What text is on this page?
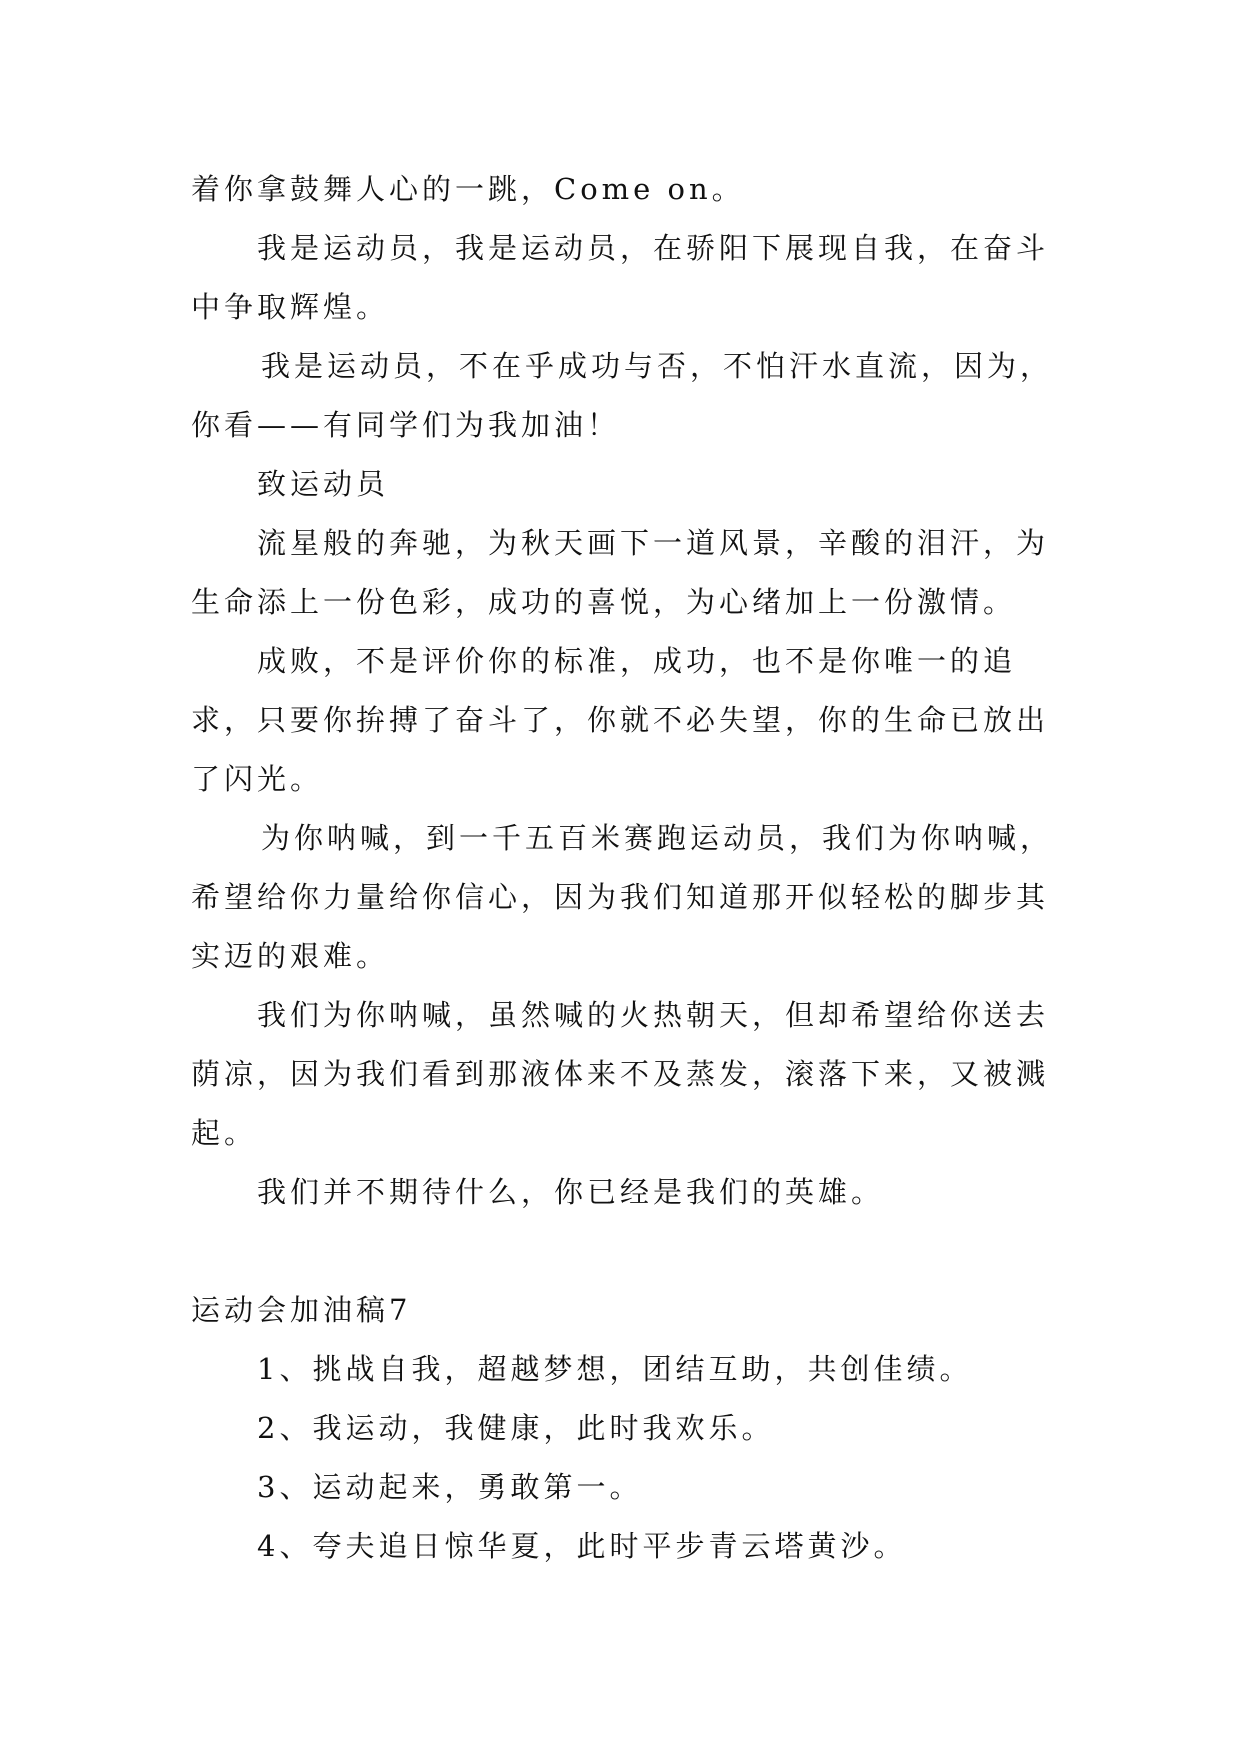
着你拿鼓舞人心的一跳，Come on。

我是运动员，我是运动员，在骄阳下展现自我，在奋斗中争取辉煌。

我是运动员，不在乎成功与否，不怕汗水直流，因为，你看——有同学们为我加油！

致运动员

流星般的奔驰，为秋天画下一道风景，辛酸的泪汗，为生命添上一份色彩，成功的喜悦，为心绪加上一份激情。

成败，不是评价你的标准，成功，也不是你唯一的追求，只要你拚搏了奋斗了，你就不必失望，你的生命已放出了闪光。

为你呐喊，到一千五百米赛跑运动员，我们为你呐喊，希望给你力量给你信心，因为我们知道那开似轻松的脚步其实迈的艰难。

我们为你呐喊，虽然喊的火热朝天，但却希望给你送去荫凉，因为我们看到那液体来不及蒸发，滚落下来，又被溅起。

我们并不期待什么，你已经是我们的英雄。

运动会加油稿7

1、挑战自我，超越梦想，团结互助，共创佳绩。

2、我运动，我健康，此时我欢乐。

3、运动起来，勇敢第一。

4、夸夫追日惊华夏，此时平步青云塔黄沙。
